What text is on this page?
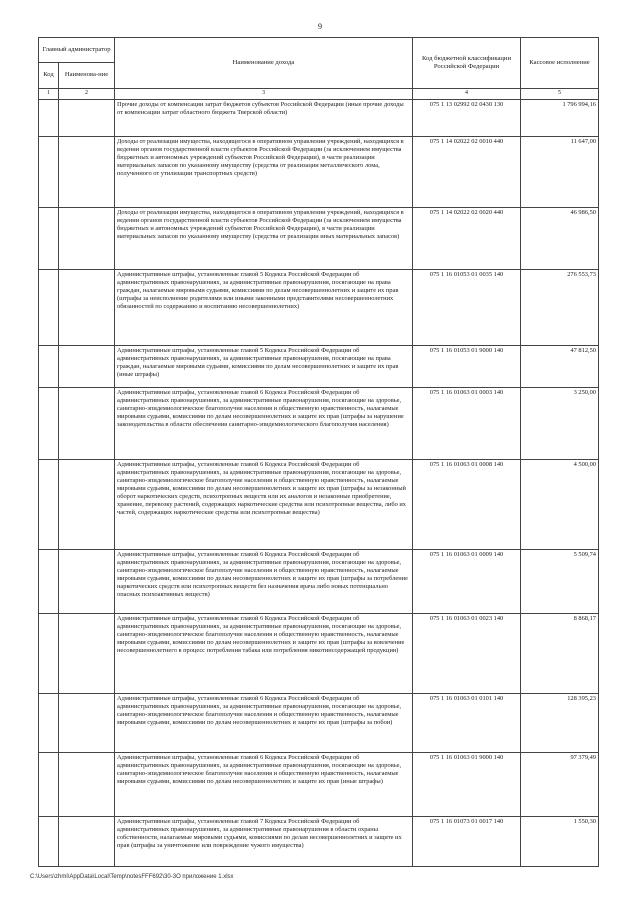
9
Главный администратор		Наименование дохода	Код бюджетной классификации Российской Федерации	Кассовое исполнение
Код	Наименова-ние			
1	2	3	4	5
		Прочие доходы от компенсации затрат бюджетов субъектов Российской Федерации (иные прочие доходы от компенсации затрат областного бюджета Тверской области)	075 1 13 02992 02 0430 130	1 796 994,16
		Доходы от реализации имущества, находящегося в оперативном управлении учреждений, находящихся в ведении органов государственной власти субъектов Российской Федерации (за исключением имущества бюджетных и автономных учреждений субъектов Российской Федерации), в части реализации материальных запасов по указанному имуществу (средства от реализации металлического лома, полученного от утилизации транспортных средств)	075 1 14 02022 02 0010 440	11 647,00
		Доходы от реализации имущества, находящегося в оперативном управлении учреждений, находящихся в ведении органов государственной власти субъектов Российской Федерации (за исключением имущества бюджетных и автономных учреждений субъектов Российской Федерации), в части реализации материальных запасов по указанному имуществу (средства от реализации иных материальных запасов)	075 1 14 02022 02 0020 440	46 986,50
		Административные штрафы, установленные главой 5 Кодекса Российской Федерации об административных правонарушениях, за административные правонарушения, посягающие на права граждан, налагаемые мировыми судьями, комиссиями по делам несовершеннолетних и защите их прав (штрафы за неисполнение родителями или иными законными представителями несовершеннолетних обязанностей по содержанию и воспитанию несовершеннолетних)	075 1 16 01053 01 0035 140	276 553,73
		Административные штрафы, установленные главой 5 Кодекса Российской Федерации об административных правонарушениях, за административные правонарушения, посягающие на права граждан, налагаемые мировыми судьями, комиссиями по делам несовершеннолетних и защите их прав (иные штрафы)	075 1 16 01053 01 9000 140	47 812,50
		Административные штрафы, установленные главой 6 Кодекса Российской Федерации об административных правонарушениях, за административные правонарушения, посягающие на здоровье, санитарно-эпидемиологическое благополучие населения и общественную нравственность, налагаемые мировыми судьями, комиссиями по делам несовершеннолетних и защите их прав (штрафы за нарушение законодательства в области обеспечения санитарно-эпидемиологического благополучия населения)	075 1 16 01063 01 0003 140	3 250,00
		Административные штрафы, установленные главой 6 Кодекса Российской Федерации об административных правонарушениях, за административные правонарушения, посягающие на здоровье, санитарно-эпидемиологическое благополучие населения и общественную нравственность, налагаемые мировыми судьями, комиссиями по делам несовершеннолетних и защите их прав (штрафы за незаконный оборот наркотических средств, психотропных веществ или их аналогов и незаконные приобретение, хранение, перевозку растений, содержащих наркотические средства или психотропные вещества, либо их частей, содержащих наркотические средства или психотропные вещества)	075 1 16 01063 01 0008 140	4 500,00
		Административные штрафы, установленные главой 6 Кодекса Российской Федерации об административных правонарушениях, за административные правонарушения, посягающие на здоровье, санитарно-эпидемиологическое благополучие населения и общественную нравственность, налагаемые мировыми судьями, комиссиями по делам несовершеннолетних и защите их прав (штрафы за потребление наркотических средств или психотропных веществ без назначения врача либо новых потенциально опасных психоактивных веществ)	075 1 16 01063 01 0009 140	5 509,74
		Административные штрафы, установленные главой 6 Кодекса Российской Федерации об административных правонарушениях, за административные правонарушения, посягающие на здоровье, санитарно-эпидемиологическое благополучие населения и общественную нравственность, налагаемые мировыми судьями, комиссиями по делам несовершеннолетних и защите их прав (штрафы за вовлечение несовершеннолетнего в процесс потребления табака или потребления никотинсодержащей продукции)	075 1 16 01063 01 0023 140	8 868,17
		Административные штрафы, установленные главой 6 Кодекса Российской Федерации об административных правонарушениях, за административные правонарушения, посягающие на здоровье, санитарно-эпидемиологическое благополучие населения и общественную нравственность, налагаемые мировыми судьями, комиссиями по делам несовершеннолетних и защите их прав (штрафы за побои)	075 1 16 01063 01 0101 140	128 395,23
		Административные штрафы, установленные главой 6 Кодекса Российской Федерации об административных правонарушениях, за административные правонарушения, посягающие на здоровье, санитарно-эпидемиологическое благополучие населения и общественную нравственность, налагаемые мировыми судьями, комиссиями по делам несовершеннолетних и защите их прав (иные штрафы)	075 1 16 01063 01 9000 140	97 379,49
		Административные штрафы, установленные главой 7 Кодекса Российской Федерации об административных правонарушениях, за административные правонарушения в области охраны собственности, налагаемые мировыми судьями, комиссиями по делам несовершеннолетних и защите их прав (штрафы за уничтожение или повреждение чужого имущества)	075 1 16 01073 01 0017 140	1 550,30
C:\Users\zhmi\AppData\Local\Temp\notesFFF692\30-3О приложение 1.xlsx
